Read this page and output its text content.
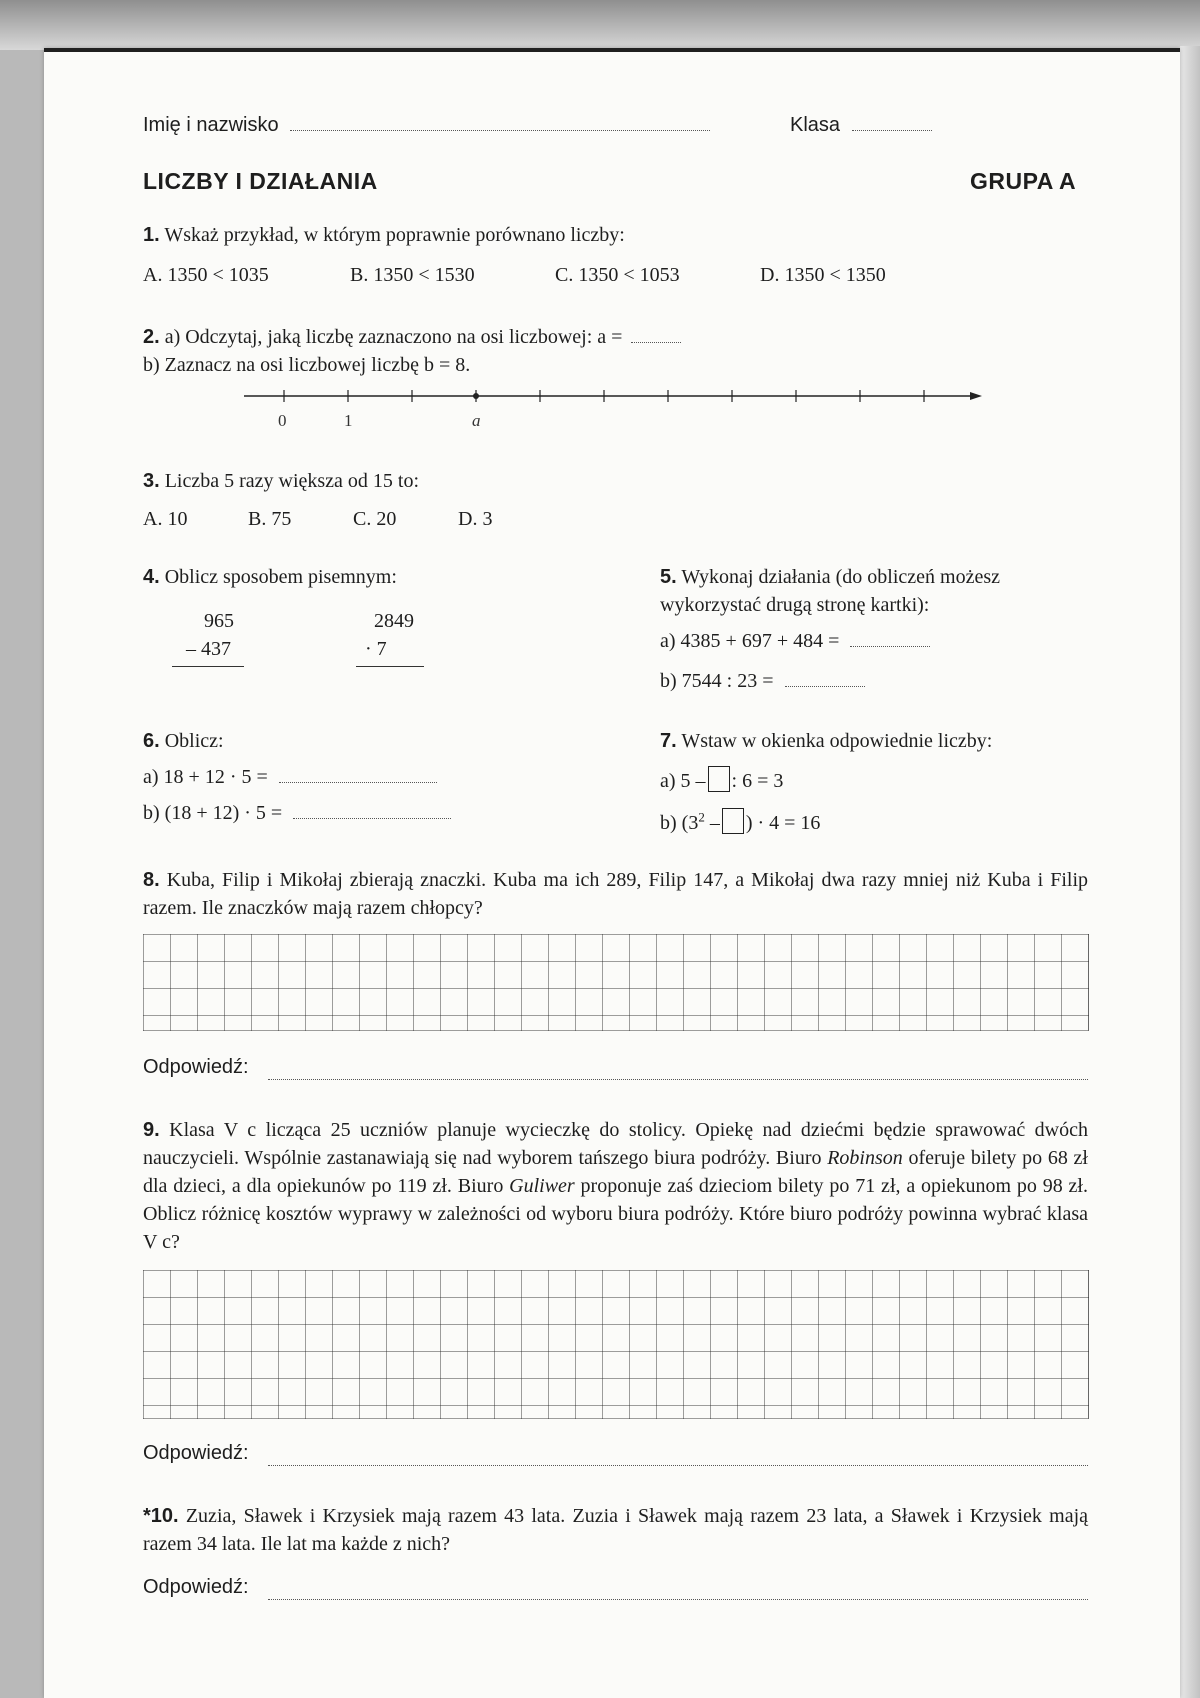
Imię i nazwisko	Klasa
LICZBY I DZIAŁANIA	GRUPA A
1. Wskaż przykład, w którym poprawnie porównano liczby:
A. 1350 < 1035	B. 1350 < 1530	C. 1350 < 1053	D. 1350 < 1350
2. a) Odczytaj, jaką liczbę zaznaczono na osi liczbowej: a =
b) Zaznacz na osi liczbowej liczbę b = 8.
0	1	a
3. Liczba 5 razy większa od 15 to:
A. 10	B. 75	C. 20	D. 3
4. Oblicz sposobem pisemnym:
965
– 437
2849
· 7
5. Wykonaj działania (do obliczeń możesz
wykorzystać drugą stronę kartki):
a) 4385 + 697 + 484 =
b) 7544 : 23 =
6. Oblicz:
a) 18 + 12 · 5 =
b) (18 + 12) · 5 =
7. Wstaw w okienka odpowiednie liczby:
a) 5 – : 6 = 3
b) ($3^2$ – ) · 4 = 16
8. Kuba, Filip i Mikołaj zbierają znaczki. Kuba ma ich 289, Filip 147, a Mikołaj dwa razy mniej niż Kuba i Filip razem. Ile znaczków mają razem chłopcy?
Odpowiedź:
9. Klasa V c licząca 25 uczniów planuje wycieczkę do stolicy. Opiekę nad dziećmi będzie sprawować dwóch nauczycieli. Wspólnie zastanawiają się nad wyborem tańszego biura podróży. Biuro Robinson oferuje bilety po 68 zł dla dzieci, a dla opiekunów po 119 zł. Biuro Guliwer proponuje zaś dzieciom bilety po 71 zł, a opiekunom po 98 zł. Oblicz różnicę kosztów wyprawy w zależności od wyboru biura podróży. Które biuro podróży powinna wybrać klasa V c?
Odpowiedź:
*10. Zuzia, Sławek i Krzysiek mają razem 43 lata. Zuzia i Sławek mają razem 23 lata, a Sławek i Krzysiek mają razem 34 lata. Ile lat ma każde z nich?
Odpowiedź:
